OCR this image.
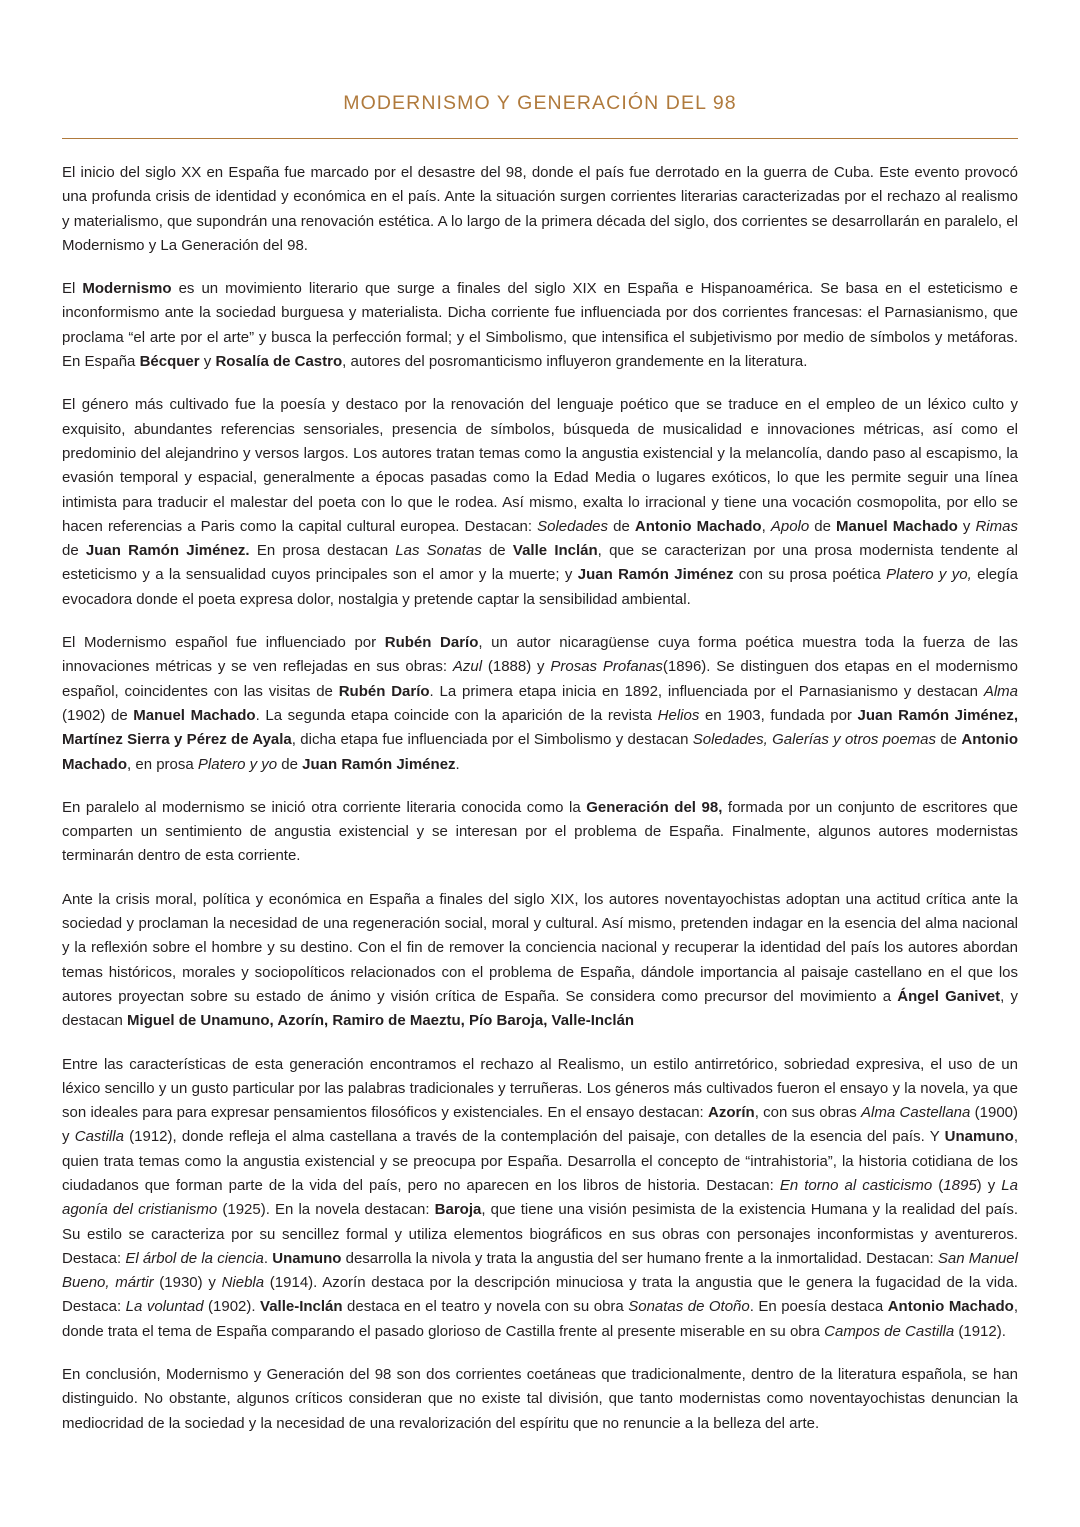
MODERNISMO Y GENERACIÓN DEL 98

El inicio del siglo XX en España fue marcado por el desastre del 98, donde el país fue derrotado en la guerra de Cuba. Este evento provocó una profunda crisis de identidad y económica en el país. Ante la situación surgen corrientes literarias caracterizadas por el rechazo al realismo y materialismo, que supondrán una renovación estética. A lo largo de la primera década del siglo, dos corrientes se desarrollarán en paralelo, el Modernismo y La Generación del 98.

El Modernismo es un movimiento literario que surge a finales del siglo XIX en España e Hispanoamérica. Se basa en el esteticismo e inconformismo ante la sociedad burguesa y materialista. Dicha corriente fue influenciada por dos corrientes francesas: el Parnasianismo, que proclama “el arte por el arte” y busca la perfección formal; y el Simbolismo, que intensifica el subjetivismo por medio de símbolos y metáforas. En España Bécquer y Rosalía de Castro, autores del posromanticismo influyeron grandemente en la literatura.

El género más cultivado fue la poesía y destaco por la renovación del lenguaje poético que se traduce en el empleo de un léxico culto y exquisito, abundantes referencias sensoriales, presencia de símbolos, búsqueda de musicalidad e innovaciones métricas, así como el predominio del alejandrino y versos largos. Los autores tratan temas como la angustia existencial y la melancolía, dando paso al escapismo, la evasión temporal y espacial, generalmente a épocas pasadas como la Edad Media o lugares exóticos, lo que les permite seguir una línea intimista para traducir el malestar del poeta con lo que le rodea. Así mismo, exalta lo irracional y tiene una vocación cosmopolita, por ello se hacen referencias a Paris como la capital cultural europea. Destacan: Soledades de Antonio Machado, Apolo de Manuel Machado y Rimas de Juan Ramón Jiménez. En prosa destacan Las Sonatas de Valle Inclán, que se caracterizan por una prosa modernista tendente al esteticismo y a la sensualidad cuyos principales son el amor y la muerte; y Juan Ramón Jiménez con su prosa poética Platero y yo, elegía evocadora donde el poeta expresa dolor, nostalgia y pretende captar la sensibilidad ambiental.

El Modernismo español fue influenciado por Rubén Darío, un autor nicaragüense cuya forma poética muestra toda la fuerza de las innovaciones métricas y se ven reflejadas en sus obras: Azul (1888) y Prosas Profanas(1896). Se distinguen dos etapas en el modernismo español, coincidentes con las visitas de Rubén Darío. La primera etapa inicia en 1892, influenciada por el Parnasianismo y destacan Alma (1902) de Manuel Machado. La segunda etapa coincide con la aparición de la revista Helios en 1903, fundada por Juan Ramón Jiménez, Martínez Sierra y Pérez de Ayala, dicha etapa fue influenciada por el Simbolismo y destacan Soledades, Galerías y otros poemas de Antonio Machado, en prosa Platero y yo de Juan Ramón Jiménez.

En paralelo al modernismo se inició otra corriente literaria conocida como la Generación del 98, formada por un conjunto de escritores que comparten un sentimiento de angustia existencial y se interesan por el problema de España. Finalmente, algunos autores modernistas terminarán dentro de esta corriente.

Ante la crisis moral, política y económica en España a finales del siglo XIX, los autores noventayochistas adoptan una actitud crítica ante la sociedad y proclaman la necesidad de una regeneración social, moral y cultural. Así mismo, pretenden indagar en la esencia del alma nacional y la reflexión sobre el hombre y su destino. Con el fin de remover la conciencia nacional y recuperar la identidad del país los autores abordan temas históricos, morales y sociopolíticos relacionados con el problema de España, dándole importancia al paisaje castellano en el que los autores proyectan sobre su estado de ánimo y visión crítica de España. Se considera como precursor del movimiento a Ángel Ganivet, y destacan Miguel de Unamuno, Azorín, Ramiro de Maeztu, Pío Baroja, Valle-Inclán

Entre las características de esta generación encontramos el rechazo al Realismo, un estilo antirretórico, sobriedad expresiva, el uso de un léxico sencillo y un gusto particular por las palabras tradicionales y terruñeras. Los géneros más cultivados fueron el ensayo y la novela, ya que son ideales para para expresar pensamientos filosóficos y existenciales. En el ensayo destacan: Azorín, con sus obras Alma Castellana (1900) y Castilla (1912), donde refleja el alma castellana a través de la contemplación del paisaje, con detalles de la esencia del país. Y Unamuno, quien trata temas como la angustia existencial y se preocupa por España. Desarrolla el concepto de “intrahistoria”, la historia cotidiana de los ciudadanos que forman parte de la vida del país, pero no aparecen en los libros de historia. Destacan: En torno al casticismo (1895) y La agonía del cristianismo (1925). En la novela destacan: Baroja, que tiene una visión pesimista de la existencia Humana y la realidad del país. Su estilo se caracteriza por su sencillez formal y utiliza elementos biográficos en sus obras con personajes inconformistas y aventureros. Destaca: El árbol de la ciencia. Unamuno desarrolla la nivola y trata la angustia del ser humano frente a la inmortalidad. Destacan: San Manuel Bueno, mártir (1930) y Niebla (1914). Azorín destaca por la descripción minuciosa y trata la angustia que le genera la fugacidad de la vida. Destaca: La voluntad (1902). Valle-Inclán destaca en el teatro y novela con su obra Sonatas de Otoño. En poesía destaca Antonio Machado, donde trata el tema de España comparando el pasado glorioso de Castilla frente al presente miserable en su obra Campos de Castilla (1912).

En conclusión, Modernismo y Generación del 98 son dos corrientes coetáneas que tradicionalmente, dentro de la literatura española, se han distinguido. No obstante, algunos críticos consideran que no existe tal división, que tanto modernistas como noventayochistas denuncian la mediocridad de la sociedad y la necesidad de una revalorización del espíritu que no renuncie a la belleza del arte.
